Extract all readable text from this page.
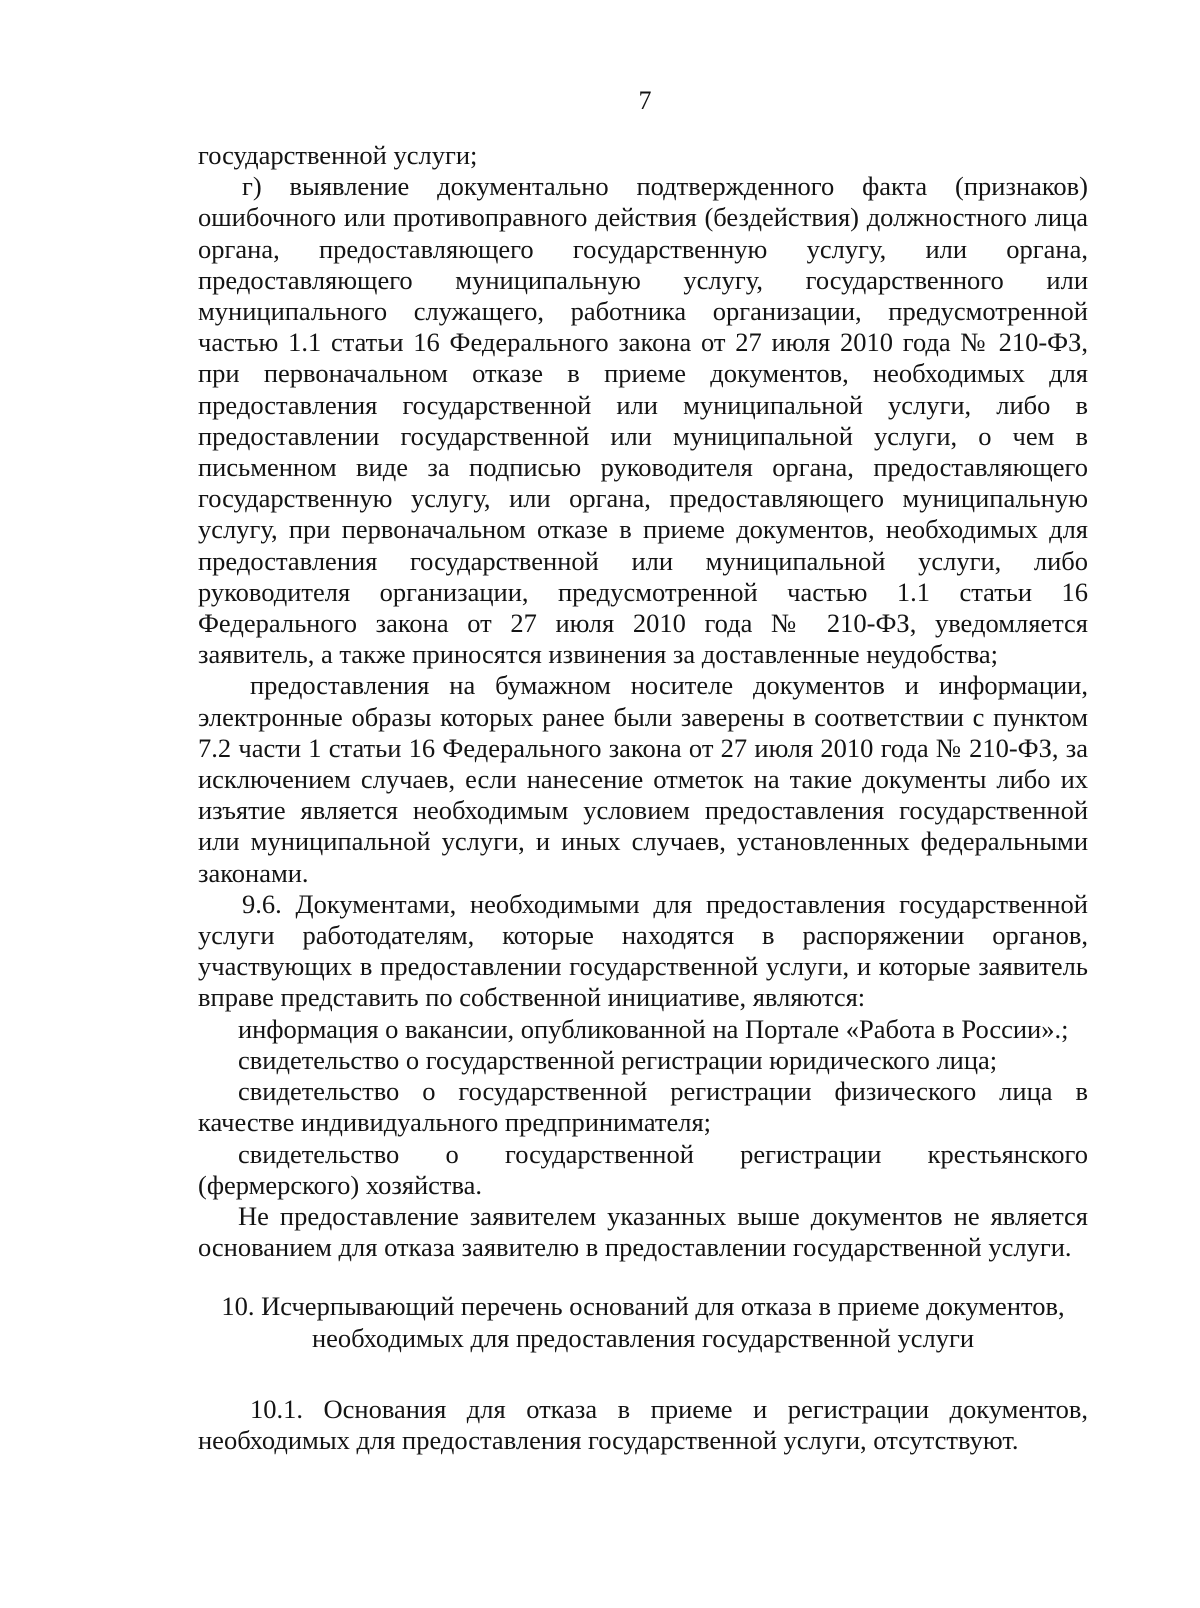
7

государственной услуги;

г) выявление документально подтвержденного факта (признаков) ошибочного или противоправного действия (бездействия) должностного лица органа, предоставляющего государственную услугу, или органа, предоставляющего муниципальную услугу, государственного или муниципального служащего, работника организации, предусмотренной частью 1.1 статьи 16 Федерального закона от 27 июля 2010 года № 210-ФЗ, при первоначальном отказе в приеме документов, необходимых для предоставления государственной или муниципальной услуги, либо в предоставлении государственной или муниципальной услуги, о чем в письменном виде за подписью руководителя органа, предоставляющего государственную услугу, или органа, предоставляющего муниципальную услугу, при первоначальном отказе в приеме документов, необходимых для предоставления государственной или муниципальной услуги, либо руководителя организации, предусмотренной частью 1.1 статьи 16 Федерального закона от 27 июля 2010 года № 210-ФЗ, уведомляется заявитель, а также приносятся извинения за доставленные неудобства;

предоставления на бумажном носителе документов и информации, электронные образы которых ранее были заверены в соответствии с пунктом 7.2 части 1 статьи 16 Федерального закона от 27 июля 2010 года № 210-ФЗ, за исключением случаев, если нанесение отметок на такие документы либо их изъятие является необходимым условием предоставления государственной или муниципальной услуги, и иных случаев, установленных федеральными законами.

9.6. Документами, необходимыми для предоставления государственной услуги работодателям, которые находятся в распоряжении органов, участвующих в предоставлении государственной услуги, и которые заявитель вправе представить по собственной инициативе, являются:

информация о вакансии, опубликованной на Портале «Работа в России».;

свидетельство о государственной регистрации юридического лица;

свидетельство о государственной регистрации физического лица в качестве индивидуального предпринимателя;

свидетельство о государственной регистрации крестьянского (фермерского) хозяйства.

Не предоставление заявителем указанных выше документов не является основанием для отказа заявителю в предоставлении государственной услуги.

10. Исчерпывающий перечень оснований для отказа в приеме документов,
необходимых для предоставления государственной услуги

10.1. Основания для отказа в приеме и регистрации документов, необходимых для предоставления государственной услуги, отсутствуют.
